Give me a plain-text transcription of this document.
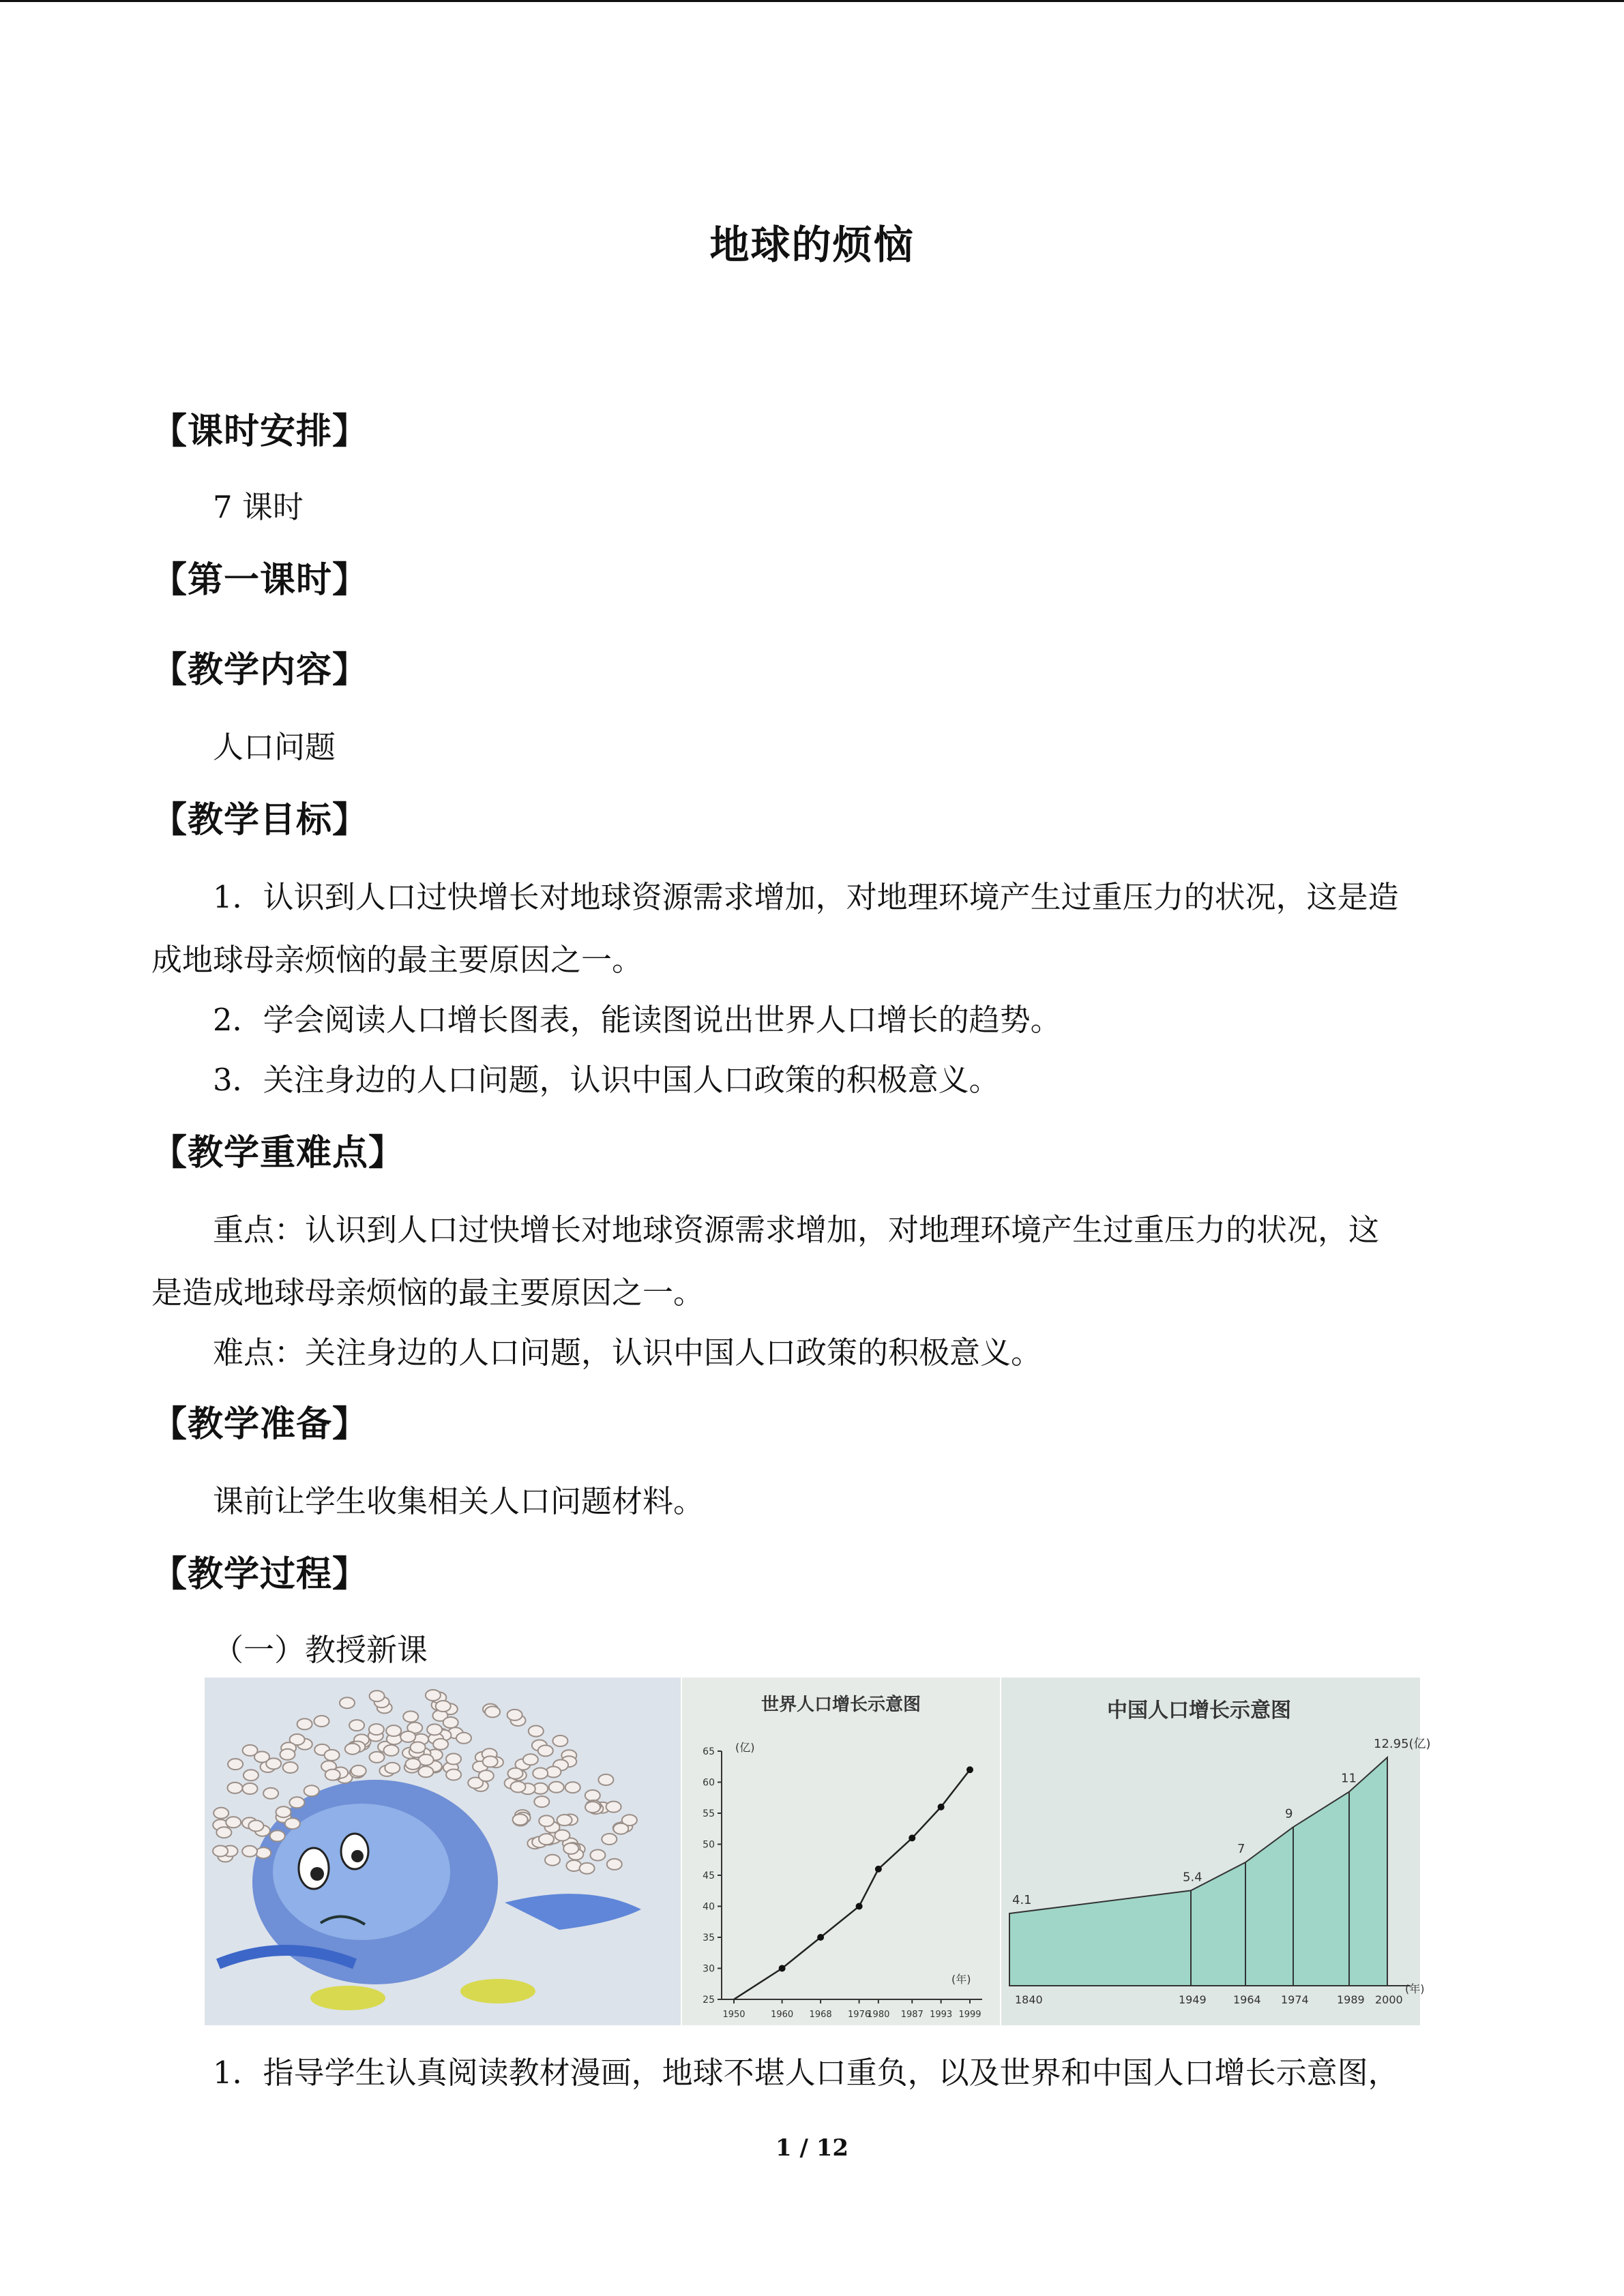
地球的烦恼
【课时安排】
7 课时
【第一课时】
【教学内容】
人口问题
【教学目标】
1．认识到人口过快增长对地球资源需求增加，对地理环境产生过重压力的状况，这是造
成地球母亲烦恼的最主要原因之一。
2．学会阅读人口增长图表，能读图说出世界人口增长的趋势。
3．关注身边的人口问题，认识中国人口政策的积极意义。
【教学重难点】
重点：认识到人口过快增长对地球资源需求增加，对地理环境产生过重压力的状况，这
是造成地球母亲烦恼的最主要原因之一。
难点：关注身边的人口问题，认识中国人口政策的积极意义。
【教学准备】
课前让学生收集相关人口问题材料。
【教学过程】
（一）教授新课
世界人口增长示意图
(亿)
(年)
25
30
35
40
45
50
55
60
65
1950	1960 1968 1976
1980 1987 1993 1999
中国人口增长示意图
4.1
5.4
7
9
11
12.95(亿)
1840	1949 1964 1974	1989 2000
(年)
1．指导学生认真阅读教材漫画，地球不堪人口重负，以及世界和中国人口增长示意图，
1 / 12
